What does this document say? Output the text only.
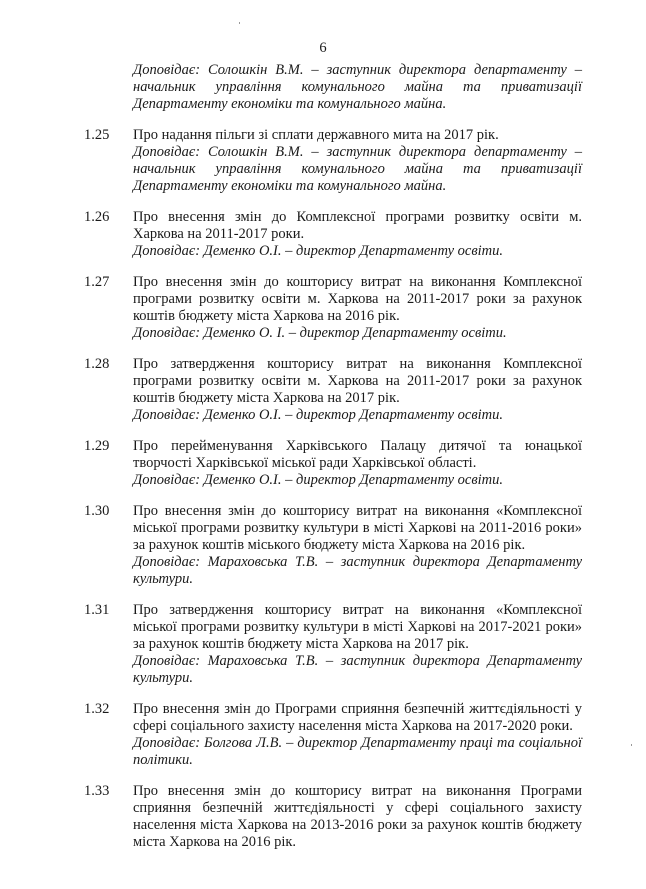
6
Доповідає: Солошкін В.М. – заступник директора департаменту – начальник управління комунального майна та приватизації Департаменту економіки та комунального майна.
1.25	Про надання пільги зі сплати державного мита на 2017 рік.
Доповідає: Солошкін В.М. – заступник директора департаменту – начальник управління комунального майна та приватизації Департаменту економіки та комунального майна.
1.26	Про внесення змін до Комплексної програми розвитку освіти м. Харкова на 2011-2017 роки.
Доповідає: Деменко О.І. – директор Департаменту освіти.
1.27	Про внесення змін до кошторису витрат на виконання Комплексної програми розвитку освіти м. Харкова на 2011-2017 роки за рахунок коштів бюджету міста Харкова на 2016 рік.
Доповідає: Деменко О. І. – директор Департаменту освіти.
1.28	Про затвердження кошторису витрат на виконання Комплексної програми розвитку освіти м. Харкова на 2011-2017 роки за рахунок коштів бюджету міста Харкова на 2017 рік.
Доповідає: Деменко О.І. – директор Департаменту освіти.
1.29	Про перейменування Харківського Палацу дитячої та юнацької творчості Харківської міської ради Харківської області.
Доповідає: Деменко О.І. – директор Департаменту освіти.
1.30	Про внесення змін до кошторису витрат на виконання «Комплексної міської програми розвитку культури в місті Харкові на 2011-2016 роки» за рахунок коштів міського бюджету міста Харкова на 2016 рік.
Доповідає: Мараховська Т.В. – заступник директора Департаменту культури.
1.31	Про затвердження кошторису витрат на виконання «Комплексної міської програми розвитку культури в місті Харкові на 2017-2021 роки» за рахунок коштів бюджету міста Харкова на 2017 рік.
Доповідає: Мараховська Т.В. – заступник директора Департаменту культури.
1.32	Про внесення змін до Програми сприяння безпечній життєдіяльності у сфері соціального захисту населення міста Харкова на 2017-2020 роки.
Доповідає: Болгова Л.В. – директор Департаменту праці та соціальної політики.
1.33	Про внесення змін до кошторису витрат на виконання Програми сприяння безпечній життєдіяльності у сфері соціального захисту населення міста Харкова на 2013-2016 роки за рахунок коштів бюджету міста Харкова на 2016 рік.
